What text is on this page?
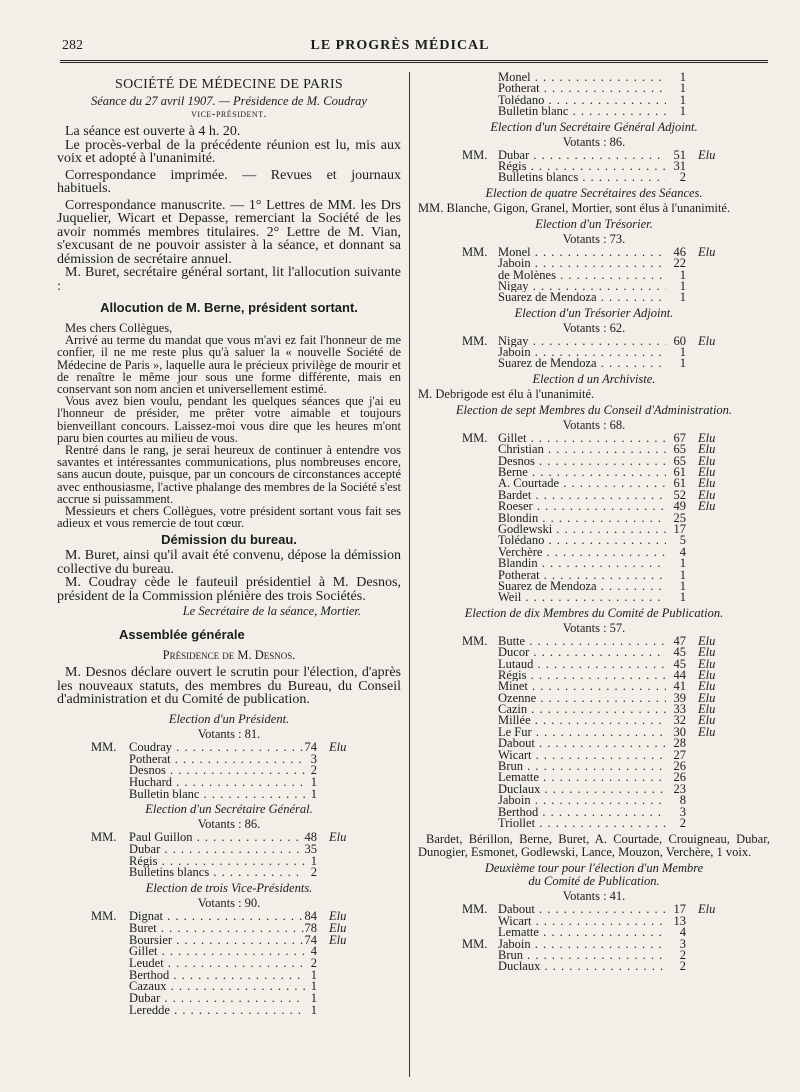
282	LE PROGRÈS MÉDICAL
SOCIÉTÉ DE MÉDECINE DE PARIS
Séance du 27 avril 1907. — Présidence de M. Coudray
vice-président.

La séance est ouverte à 4 h. 20.

Le procès-verbal de la précédente réunion est lu, mis aux voix et adopté à l'unanimité.

Correspondance imprimée. — Revues et journaux habituels.

Correspondance manuscrite. — 1° Lettres de MM. les Drs Juquelier, Wicart et Depasse, remerciant la Société de les avoir nommés membres titulaires. 2° Lettre de M. Vian, s'excusant de ne pouvoir assister à la séance, et donnant sa démission de secrétaire annuel.

M. Buret, secrétaire général sortant, lit l'allocution suivante :

Allocution de M. Berne, président sortant.

Mes chers Collègues,

Arrivé au terme du mandat que vous m'avi ez fait l'honneur de me confier, il ne me reste plus qu'à saluer la « nouvelle Société de Médecine de Paris », laquelle aura le précieux privilège de mourir et de renaître le même jour sous une forme différente, mais en conservant son nom ancien et universellement estimé.

Vous avez bien voulu, pendant les quelques séances que j'ai eu l'honneur de présider, me prêter votre aimable et toujours bienveillant concours. Laissez-moi vous dire que les heures m'ont paru bien courtes au milieu de vous.

Rentré dans le rang, je serai heureux de continuer à entendre vos savantes et intéressantes communications, plus nombreuses encore, sans aucun doute, puisque, par un concours de circonstances accepté avec enthousiasme, l'active phalange des membres de la Société s'est accrue si puissamment.

Messieurs et chers Collègues, votre président sortant vous fait ses adieux et vous remercie de tout cœur.

Démission du bureau.

M. Buret, ainsi qu'il avait été convenu, dépose la démission collective du bureau.

M. Coudray cède le fauteuil présidentiel à M. Desnos, président de la Commission plénière des trois Sociétés.

Le Secrétaire de la séance, Mortier.
Assemblée générale
Présidence de M. Desnos.

M. Desnos déclare ouvert le scrutin pour l'élection, d'après les nouveaux statuts, des membres du Bureau, du Conseil d'administration et du Comité de publication.

Election d'un Président.
Votants : 81.
MM. Coudray . . .	74 Elu
Potherat . . .	3
Desnos . . .	2
Huchard . . .	1
Bulletin blanc . . .	1
Election d'un Secrétaire Général.
Votants : 86.
MM. Paul Guillon . . .	48 Elu
Dubar . . .	35
Régis . . .	1
Bulletins blancs . . .	2
Election de trois Vice-Présidents.
Votants : 90.
MM. Dignat . . .	84 Elu
Buret . . .	78 Elu
Boursier . . .	74 Elu
Gillet . . .	4
Leudet . . .	2
Berthod . . .	1
Cazaux . . .	1
Dubar . . .	1
Leredde . . .	1
Monel . . .	1
Potherat . . .	1
Tolédano . . .	1
Bulletin blanc . . .	1
Election d'un Secrétaire Général Adjoint.
Votants : 86.
MM. Dubar . . .	51 Elu
Régis . . .	31
Bulletins blancs . . .	2
Election de quatre Secrétaires des Séances.

MM. Blanche, Gigon, Granel, Mortier, sont élus à l'unanimité.

Election d'un Trésorier.
Votants : 73.
MM. Monel . . .	46 Elu
Jaboin . . .	22
de Molènes . . .	1
Nigay . . .	1
Suarez de Mendoza . . .	1
Election d'un Trésorier Adjoint.
Votants : 62.
MM. Nigay . . .	60 Elu
Jaboin . . .	1
Suarez de Mendoza . . .	1
Election d un Archiviste.

M. Debrigode est élu à l'unanimité.

Election de sept Membres du Conseil d'Administration.
Votants : 68.
MM. Gillet . . .	67 Elu
Christian . . .	65 Elu
Desnos . . .	65 Elu
Berne . . .	61 Elu
A. Courtade . . .	61 Elu
Bardet . . .	52 Elu
Roeser . . .	49 Elu
Blondin . . .	25
Godlewski . . .	17
Tolédano . . .	5
Verchère . . .	4
Blandin . . .	1
Potherat . . .	1
Suarez de Mendoza . . .	1
Weil . . .	1
Election de dix Membres du Comité de Publication.
Votants : 57.
MM. Butte . . .	47 Elu
Ducor . . .	45 Elu
Lutaud . . .	45 Elu
Régis . . .	44 Elu
Minet . . .	41 Elu
Ozenne . . .	39 Elu
Cazin . . .	33 Elu
Millée . . .	32 Elu
Le Fur . . .	30 Elu
Dabout . . .	28
Wicart . . .	27
Brun . . .	26
Lematte . . .	26
Duclaux . . .	23
Jaboin . . .	8
Berthod . . .	3
Triollet . . .	2

Bardet, Bérillon, Berne, Buret, A. Courtade, Crouigneau, Dubar, Dunogier, Esmonet, Godlewski, Lance, Mouzon, Verchère, 1 voix.

Deuxième tour pour l'élection d'un Membre
du Comité de Publication.
Votants : 41.
MM. Dabout . . .	17 Elu
Wicart . . .	13
Lematte . . .	4
MM. Jaboin . . .	3
Brun . . .	2
Duclaux . . .	2
